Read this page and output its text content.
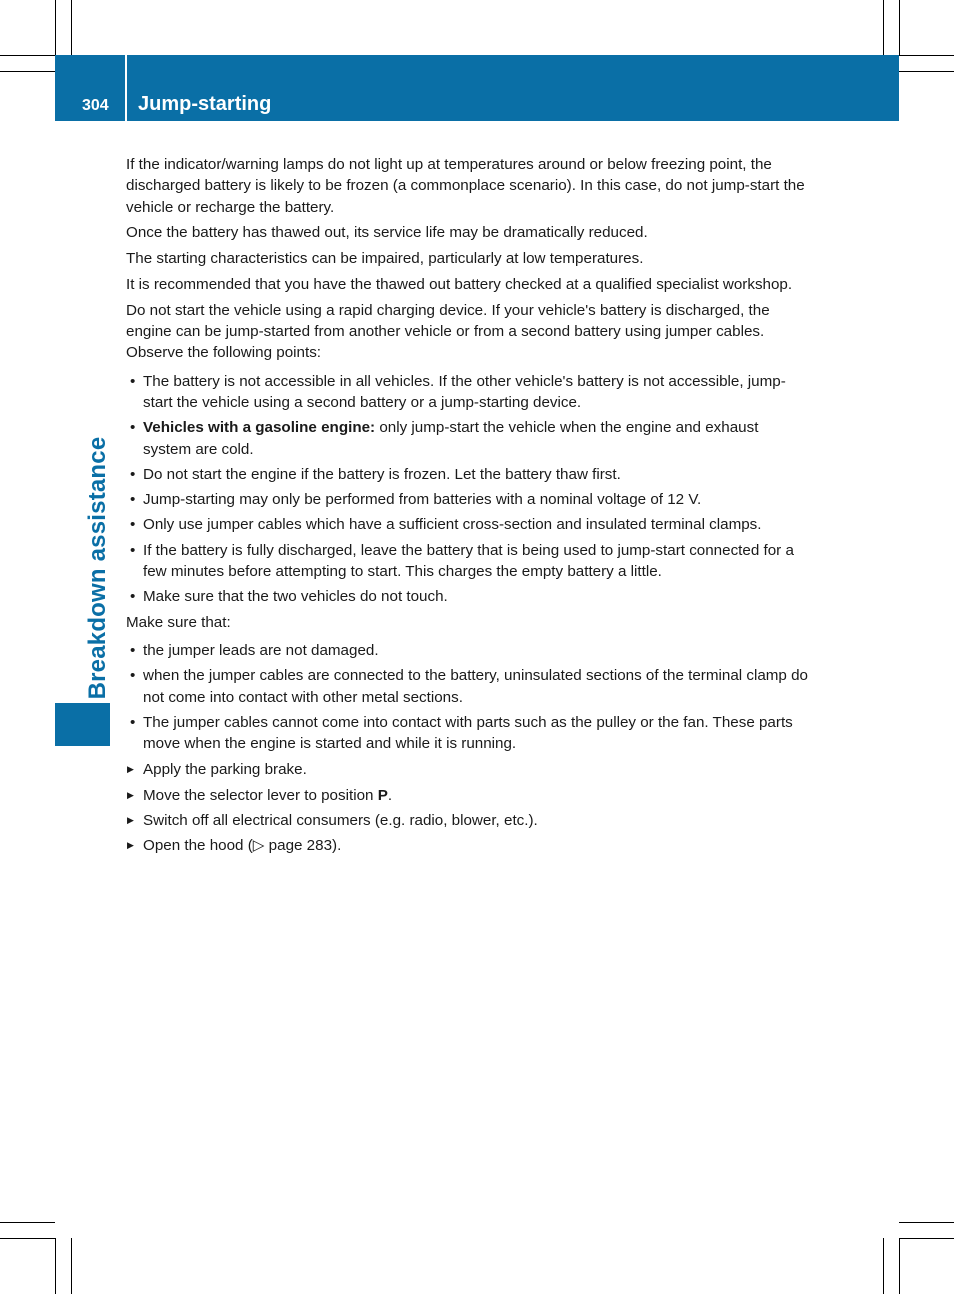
304	Jump-starting
Breakdown assistance

If the indicator/warning lamps do not light up at temperatures around or below freezing point, the discharged battery is likely to be frozen (a commonplace scenario). In this case, do not jump-start the vehicle or recharge the battery.

Once the battery has thawed out, its service life may be dramatically reduced.

The starting characteristics can be impaired, particularly at low temperatures.

It is recommended that you have the thawed out battery checked at a qualified specialist workshop.

Do not start the vehicle using a rapid charging device. If your vehicle's battery is discharged, the engine can be jump-started from another vehicle or from a second battery using jumper cables. Observe the following points:

• The battery is not accessible in all vehicles. If the other vehicle's battery is not accessible, jump-start the vehicle using a second battery or a jump-starting device.
• Vehicles with a gasoline engine: only jump-start the vehicle when the engine and exhaust system are cold.
• Do not start the engine if the battery is frozen. Let the battery thaw first.
• Jump-starting may only be performed from batteries with a nominal voltage of 12 V.
• Only use jumper cables which have a sufficient cross-section and insulated terminal clamps.
• If the battery is fully discharged, leave the battery that is being used to jump-start connected for a few minutes before attempting to start. This charges the empty battery a little.
• Make sure that the two vehicles do not touch.

Make sure that:

• the jumper leads are not damaged.
• when the jumper cables are connected to the battery, uninsulated sections of the terminal clamp do not come into contact with other metal sections.
• The jumper cables cannot come into contact with parts such as the pulley or the fan. These parts move when the engine is started and while it is running.
▶ Apply the parking brake.
▶ Move the selector lever to position P.
▶ Switch off all electrical consumers (e.g. radio, blower, etc.).
▶ Open the hood (▷ page 283).
